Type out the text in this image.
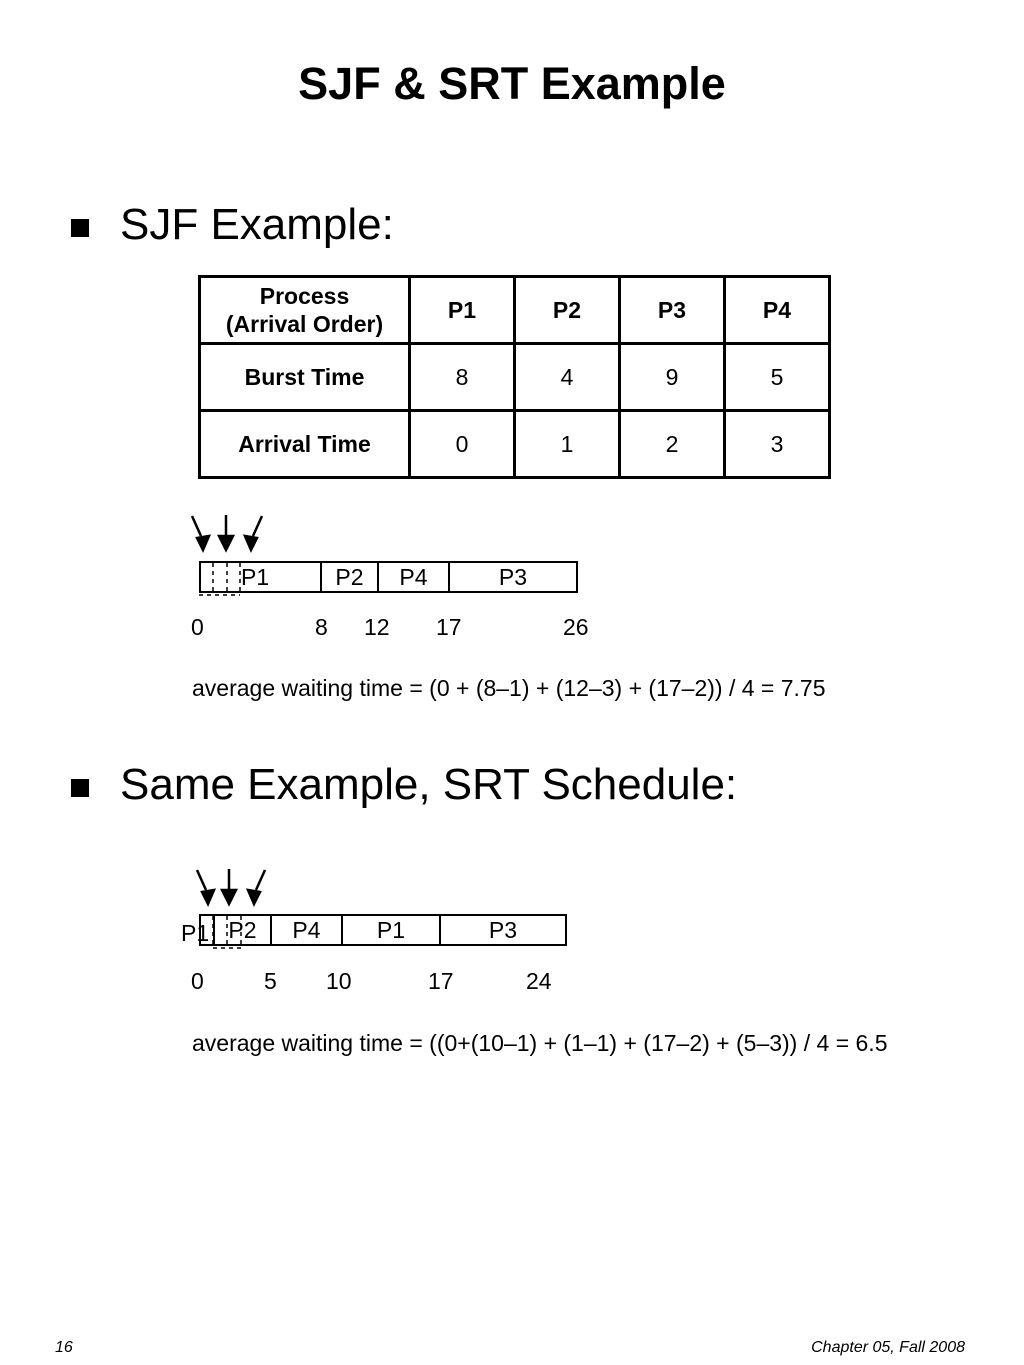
SJF & SRT Example
SJF Example:
Process
(Arrival Order)	P1	P2	P3	P4
Burst Time	8	4	9	5
Arrival Time	0	1	2	3
P1	P2	P4	P3
0	8 12 17	26
average waiting time = (0 + (8–1) + (12–3) + (17–2)) / 4 = 7.75
Same Example, SRT Schedule:
P1 P2	P4	P1	P3
0	5 10	17	24
average waiting time = ((0+(10–1) + (1–1) + (17–2) + (5–3)) / 4 = 6.5
16	Chapter 05, Fall 2008
